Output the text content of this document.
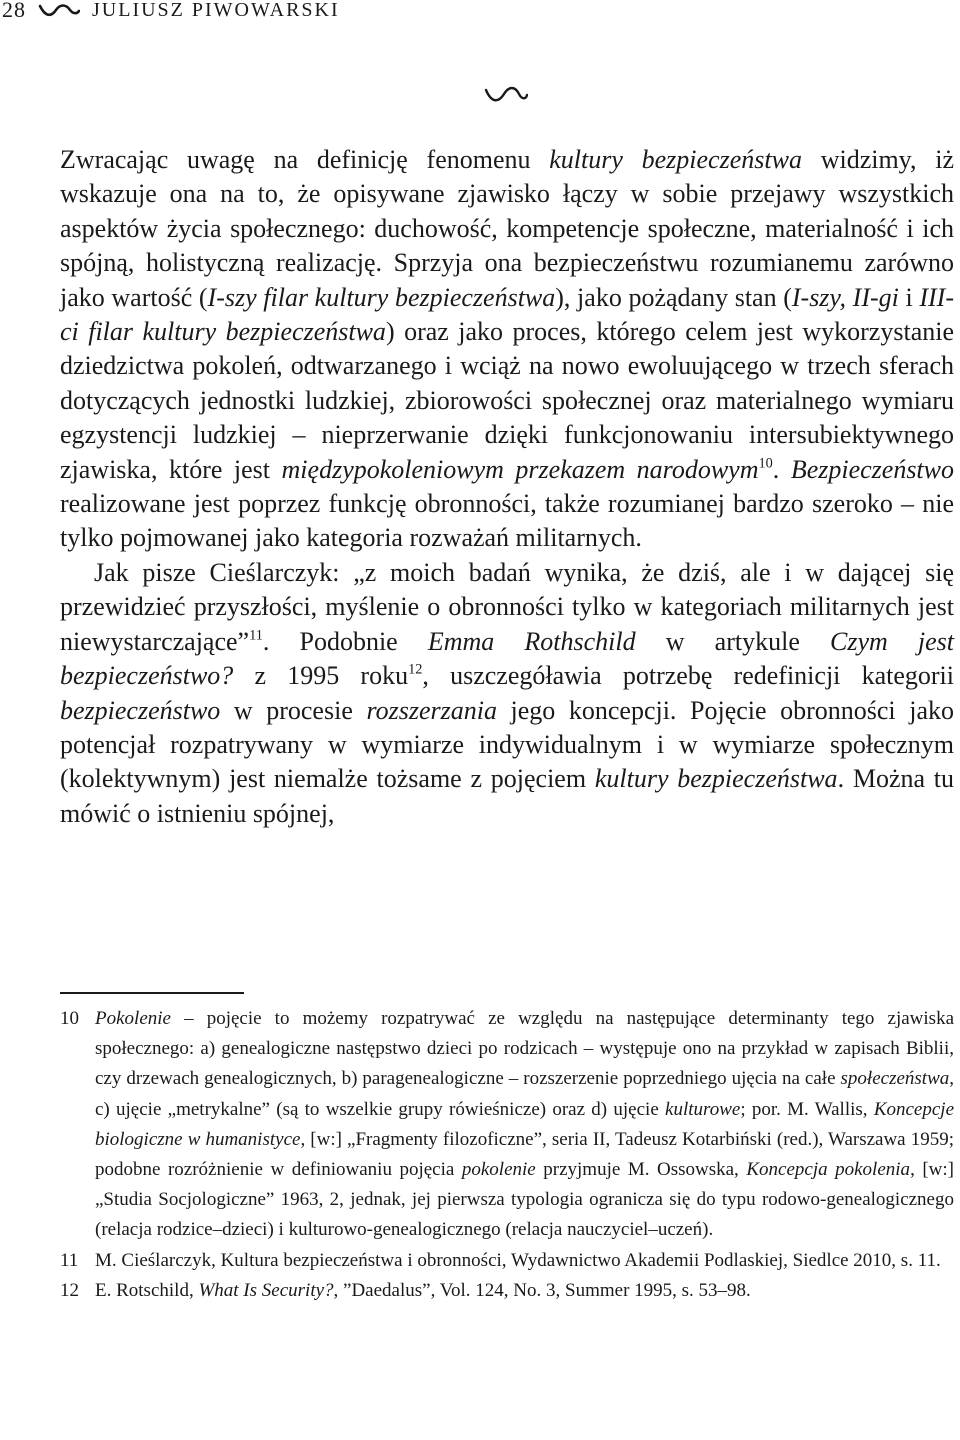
28	JULIUSZ PIWOWARSKI

Zwracając uwagę na definicję fenomenu kultury bezpieczeństwa widzimy, iż wskazuje ona na to, że opisywane zjawisko łączy w sobie przejawy wszystkich aspektów życia społecznego: duchowość, kompetencje społeczne, materialność i ich spójną, holistyczną realizację. Sprzyja ona bezpieczeństwu rozumianemu zarówno jako wartość (I-szy filar kultury bezpieczeństwa), jako pożądany stan (I-szy, II-gi i III-ci filar kultury bezpieczeństwa) oraz jako proces, którego celem jest wykorzystanie dziedzictwa pokoleń, odtwarzanego i wciąż na nowo ewoluującego w trzech sferach dotyczących jednostki ludzkiej, zbiorowości społecznej oraz materialnego wymiaru egzystencji ludzkiej – nieprzerwanie dzięki funkcjonowaniu intersubiektywnego zjawiska, które jest międzypokoleniowym przekazem narodowym$^{10}$. Bezpieczeństwo realizowane jest poprzez funkcję obronności, także rozumianej bardzo szeroko – nie tylko pojmowanej jako kategoria rozważań militarnych.

Jak pisze Cieślarczyk: „z moich badań wynika, że dziś, ale i w dającej się przewidzieć przyszłości, myślenie o obronności tylko w kategoriach militarnych jest niewystarczające”$^{11}$. Podobnie Emma Rothschild w artykule Czym jest bezpieczeństwo? z 1995 roku$^{12}$, uszczegóławia potrzebę redefinicji kategorii bezpieczeństwo w procesie rozszerzania jego koncepcji. Pojęcie obronności jako potencjał rozpatrywany w wymiarze indywidualnym i w wymiarze społecznym (kolektywnym) jest niemalże tożsame z pojęciem kultury bezpieczeństwa. Można tu mówić o istnieniu spójnej,

10 Pokolenie – pojęcie to możemy rozpatrywać ze względu na następujące determinanty tego zjawiska społecznego: a) genealogiczne następstwo dzieci po rodzicach – występuje ono na przykład w zapisach Biblii, czy drzewach genealogicznych, b) paragenealogiczne – rozszerzenie poprzedniego ujęcia na całe społeczeństwa, c) ujęcie „metrykalne” (są to wszelkie grupy rówieśnicze) oraz d) ujęcie kulturowe; por. M. Wallis, Koncepcje biologiczne w humanistyce, [w:] „Fragmenty filozoficzne”, seria II, Tadeusz Kotarbiński (red.), Warszawa 1959; podobne rozróżnienie w definiowaniu pojęcia pokolenie przyjmuje M. Ossowska, Koncepcja pokolenia, [w:] „Studia Socjologiczne” 1963, 2, jednak, jej pierwsza typologia ogranicza się do typu rodowo-genealogicznego (relacja rodzice–dzieci) i kulturowo-genealogicznego (relacja nauczyciel–uczeń).
11 M. Cieślarczyk, Kultura bezpieczeństwa i obronności, Wydawnictwo Akademii Podlaskiej, Siedlce 2010, s. 11.
12 E. Rotschild, What Is Security?, ”Daedalus”, Vol. 124, No. 3, Summer 1995, s. 53–98.
